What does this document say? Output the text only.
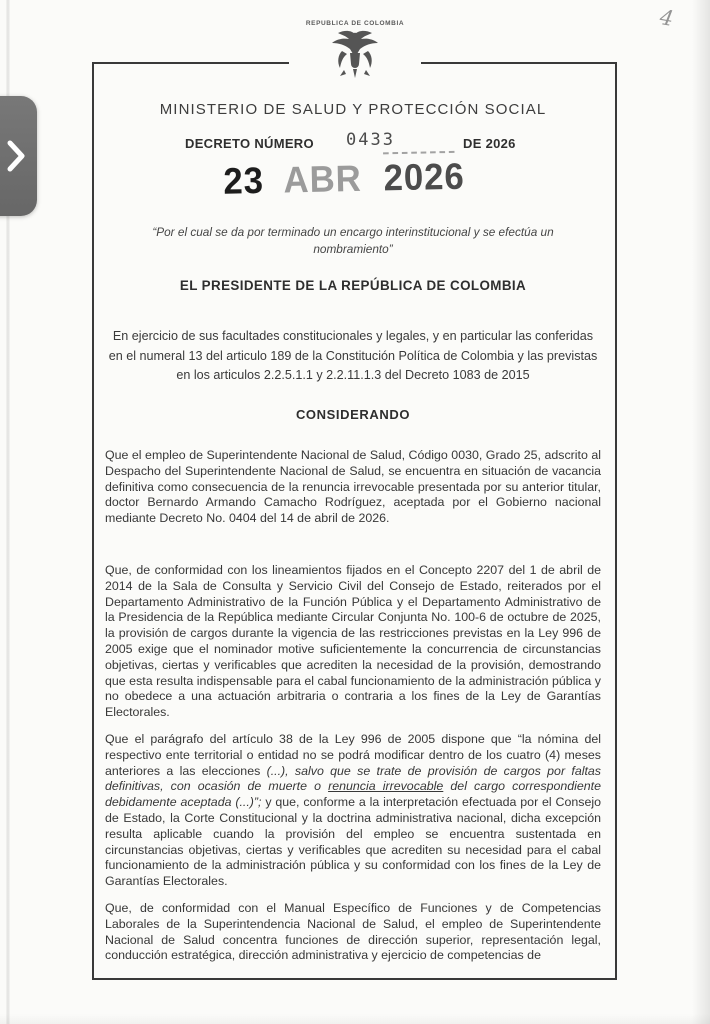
4
MINISTERIO DE SALUD Y PROTECCIÓN SOCIAL
DECRETO NÚMERO 0433	DE 2026
23 ABR 2026
“Por el cual se da por terminado un encargo interinstitucional y se efectúa un nombramiento”
EL PRESIDENTE DE LA REPÚBLICA DE COLOMBIA
En ejercicio de sus facultades constitucionales y legales, y en particular las conferidas en el numeral 13 del articulo 189 de la Constitución Política de Colombia y las previstas en los articulos 2.2.5.1.1 y 2.2.11.1.3 del Decreto 1083 de 2015
CONSIDERANDO
Que el empleo de Superintendente Nacional de Salud, Código 0030, Grado 25, adscrito al Despacho del Superintendente Nacional de Salud, se encuentra en situación de vacancia definitiva como consecuencia de la renuncia irrevocable presentada por su anterior titular, doctor Bernardo Armando Camacho Rodríguez, aceptada por el Gobierno nacional mediante Decreto No. 0404 del 14 de abril de 2026.
Que, de conformidad con los lineamientos fijados en el Concepto 2207 del 1 de abril de 2014 de la Sala de Consulta y Servicio Civil del Consejo de Estado, reiterados por el Departamento Administrativo de la Función Pública y el Departamento Administrativo de la Presidencia de la República mediante Circular Conjunta No. 100-6 de octubre de 2025, la provisión de cargos durante la vigencia de las restricciones previstas en la Ley 996 de 2005 exige que el nominador motive suficientemente la concurrencia de circunstancias objetivas, ciertas y verificables que acrediten la necesidad de la provisión, demostrando que esta resulta indispensable para el cabal funcionamiento de la administración pública y no obedece a una actuación arbitraria o contraria a los fines de la Ley de Garantías Electorales.
Que el parágrafo del artículo 38 de la Ley 996 de 2005 dispone que “la nómina del respectivo ente territorial o entidad no se podrá modificar dentro de los cuatro (4) meses anteriores a las elecciones (...), salvo que se trate de provisión de cargos por faltas definitivas, con ocasión de muerte o renuncia irrevocable del cargo correspondiente debidamente aceptada (...)”; y que, conforme a la interpretación efectuada por el Consejo de Estado, la Corte Constitucional y la doctrina administrativa nacional, dicha excepción resulta aplicable cuando la provisión del empleo se encuentra sustentada en circunstancias objetivas, ciertas y verificables que acrediten su necesidad para el cabal funcionamiento de la administración pública y su conformidad con los fines de la Ley de Garantías Electorales.
Que, de conformidad con el Manual Específico de Funciones y de Competencias Laborales de la Superintendencia Nacional de Salud, el empleo de Superintendente Nacional de Salud concentra funciones de dirección superior, representación legal, conducción estratégica, dirección administrativa y ejercicio de competencias de
REPUBLICA DE COLOMBIA
